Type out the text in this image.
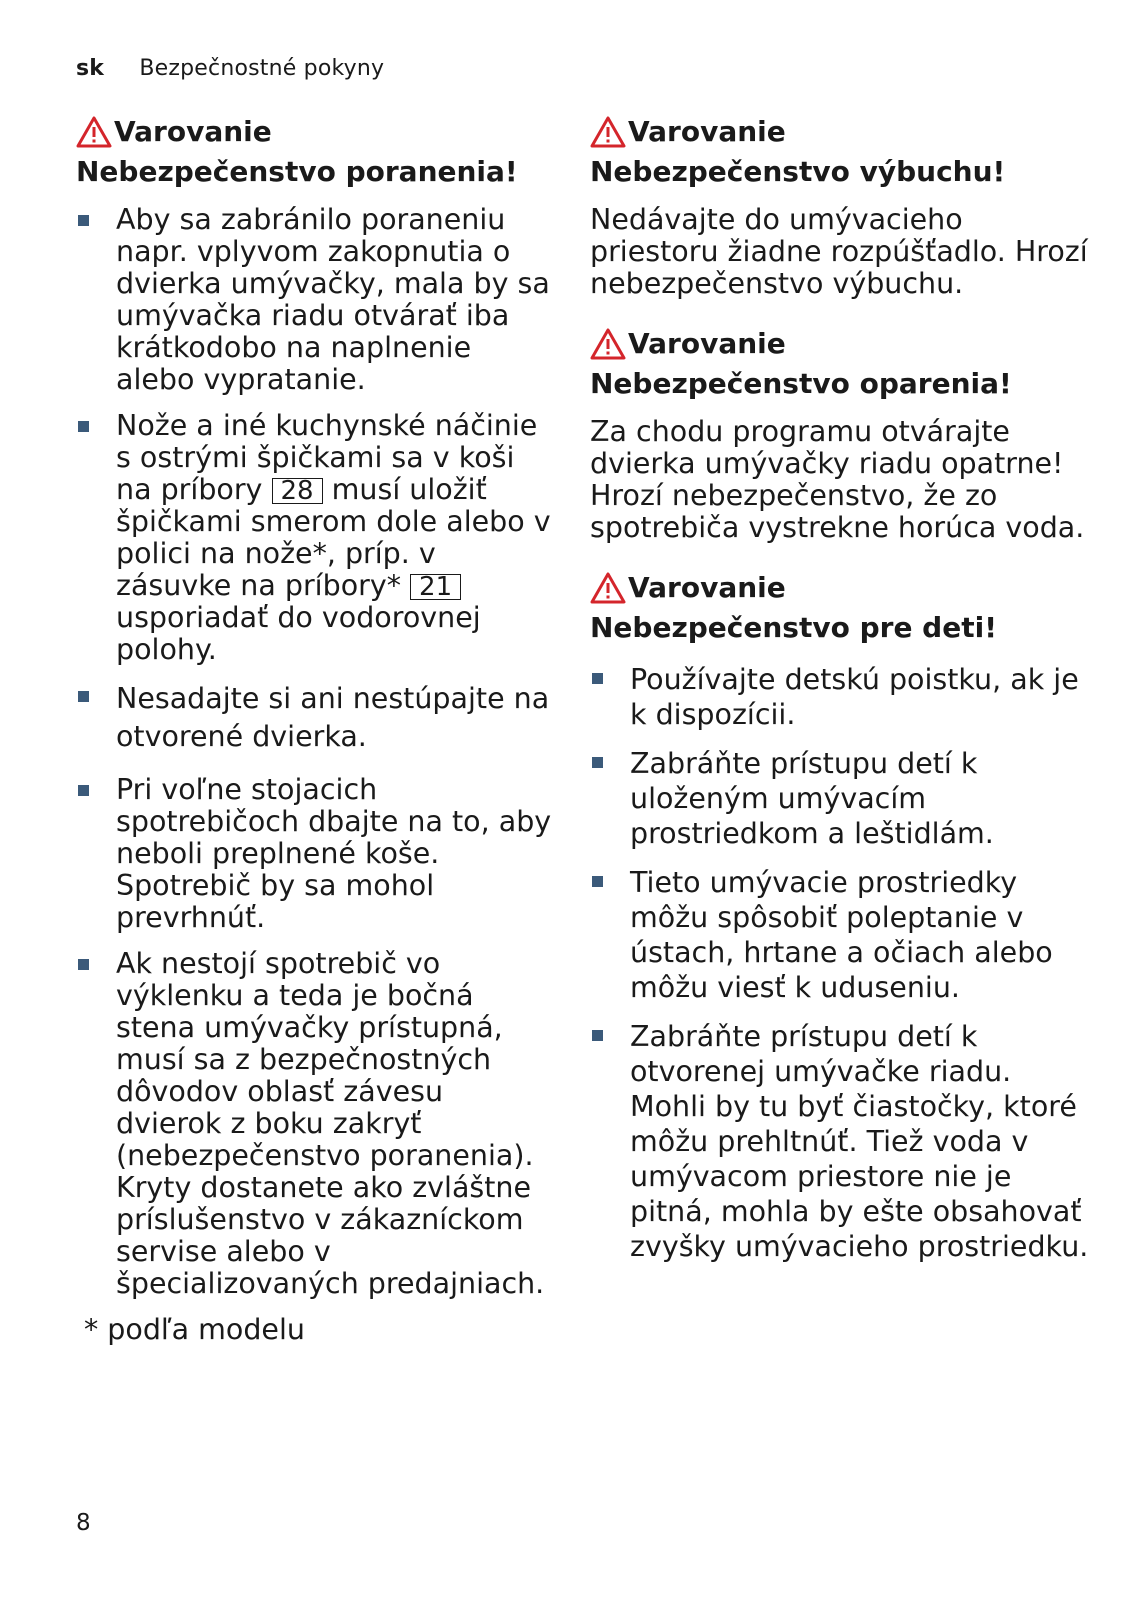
sk Bezpečnostné pokyny
Varovanie
Nebezpečenstvo poranenia!
Aby sa zabránilo poraneniu napr. vplyvom zakopnutia o dvierka umývačky, mala by sa umývačka riadu otvárať iba krátkodobo na naplnenie alebo vypratanie.
Nože a iné kuchynské náčinie s ostrými špičkami sa v koši na príbory 28 musí uložiť špičkami smerom dole alebo v polici na nože*, príp. v zásuvke na príbory* 21 usporiadať do vodorovnej polohy.
Nesadajte si ani nestúpajte na otvorené dvierka.
Pri voľne stojacich spotrebičoch dbajte na to, aby neboli preplnené koše. Spotrebič by sa mohol prevrhnúť.
Ak nestojí spotrebič vo výklenku a teda je bočná stena umývačky prístupná, musí sa z bezpečnostných dôvodov oblasť závesu dvierok z boku zakryť (nebezpečenstvo poranenia). Kryty dostanete ako zvláštne príslušenstvo v zákazníckom servise alebo v špecializovaných predajniach.
* podľa modelu
Varovanie
Nebezpečenstvo výbuchu!
Nedávajte do umývacieho priestoru žiadne rozpúšťadlo. Hrozí nebezpečenstvo výbuchu.
Varovanie
Nebezpečenstvo oparenia!
Za chodu programu otvárajte dvierka umývačky riadu opatrne! Hrozí nebezpečenstvo, že zo spotrebiča vystrekne horúca voda.
Varovanie
Nebezpečenstvo pre deti!
Používajte detskú poistku, ak je k dispozícii.
Zabráňte prístupu detí k uloženým umývacím prostriedkom a leštidlám.
Tieto umývacie prostriedky môžu spôsobiť poleptanie v ústach, hrtane a očiach alebo môžu viesť k uduseniu.
Zabráňte prístupu detí k otvorenej umývačke riadu. Mohli by tu byť čiastočky, ktoré môžu prehltnúť. Tiež voda v umývacom priestore nie je pitná, mohla by ešte obsahovať zvyšky umývacieho prostriedku.
8
